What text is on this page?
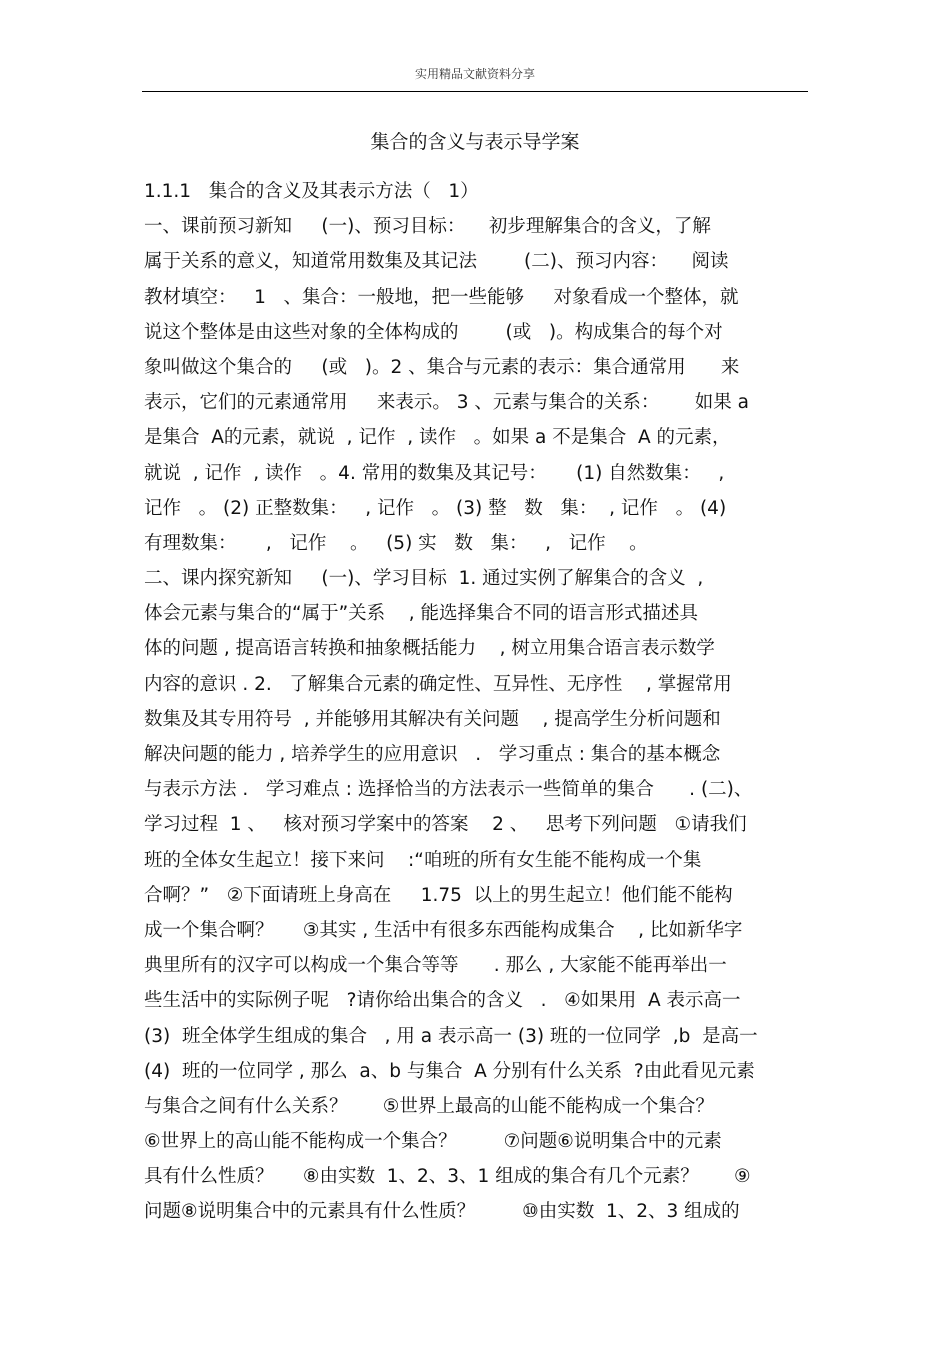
实用精品文献资料分享
集合的含义与表示导学案
1.1.1   集合的含义及其表示方法（   1）
一、课前预习新知     (一)、预习目标：    初步理解集合的含义，了解
属于关系的意义，知道常用数集及其记法        (二)、预习内容：    阅读
教材填空：   1   、集合：一般地，把一些能够     对象看成一个整体，就
说这个整体是由这些对象的全体构成的        (或   )。构成集合的每个对
象叫做这个集合的     (或   )。2 、集合与元素的表示：集合通常用      来
表示，它们的元素通常用     来表示。 3 、元素与集合的关系：      如果 a
是集合  A的元素，就说  , 记作  , 读作   。如果 a 不是集合  A 的元素，
就说  , 记作  , 读作   。4. 常用的数集及其记号：     (1) 自然数集：   ,
记作   。 (2) 正整数集：   , 记作   。 (3) 整   数   集：  , 记作   。 (4)
有理数集：     ,   记作    。   (5) 实   数   集：   ,   记作    。
二、课内探究新知     (一)、学习目标  1. 通过实例了解集合的含义  ,
体会元素与集合的“属于”关系    , 能选择集合不同的语言形式描述具
体的问题 , 提高语言转换和抽象概括能力    , 树立用集合语言表示数学
内容的意识 . 2.   了解集合元素的确定性、互异性、无序性    , 掌握常用
数集及其专用符号  , 并能够用其解决有关问题    , 提高学生分析问题和
解决问题的能力 , 培养学生的应用意识   .   学习重点 : 集合的基本概念
与表示方法 .   学习难点 : 选择恰当的方法表示一些简单的集合      . (二)、
学习过程  1 、   核对预习学案中的答案    2 、   思考下列问题   ①请我们
班的全体女生起立！接下来问    :“咱班的所有女生能不能构成一个集
合啊？”   ②下面请班上身高在     1.75  以上的男生起立！他们能不能构
成一个集合啊？     ③其实 , 生活中有很多东西能构成集合    , 比如新华字
典里所有的汉字可以构成一个集合等等      . 那么 , 大家能不能再举出一
些生活中的实际例子呢   ?请你给出集合的含义   .   ④如果用  A 表示高一
(3)  班全体学生组成的集合   , 用 a 表示高一 (3) 班的一位同学  ,b  是高一
(4)  班的一位同学 , 那么  a、b 与集合  A 分别有什么关系  ?由此看见元素
与集合之间有什么关系？      ⑤世界上最高的山能不能构成一个集合？
⑥世界上的高山能不能构成一个集合？        ⑦问题⑥说明集合中的元素
具有什么性质？     ⑧由实数  1、2、3、1 组成的集合有几个元素？      ⑨
问题⑧说明集合中的元素具有什么性质？        ⑩由实数  1、2、3 组成的
